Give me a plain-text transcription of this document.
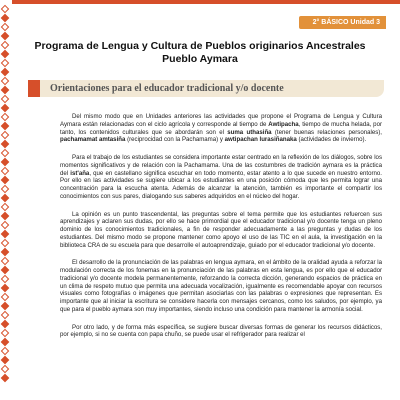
2° BÁSICO Unidad 3
Programa de Lengua y Cultura de Pueblos originarios Ancestrales
Pueblo Aymara
Orientaciones para el educador tradicional y/o docente

Del mismo modo que en Unidades anteriores las actividades que propone el Programa de Lengua y Cultura Aymara están relacionadas con el ciclo agrícola y corresponde al tiempo de Awtipacha, tiempo de mucha helada, por tanto, los contenidos culturales que se abordarán son el suma uthasiña (tener buenas relaciones personales), pachamamat amtasiña (reciprocidad con la Pachamama) y awtipachan lurasiñanaka (actividades de invierno).

Para el trabajo de los estudiantes se considera importante estar centrado en la reflexión de los diálogos, sobre los momentos significativos y de relación con la Pachamama. Una de las costumbres de tradición aymara es la práctica del ist'aña, que en castellano significa escuchar en todo momento, estar atento a lo que sucede en nuestro entorno. Por ello en las actividades se sugiere ubicar a los estudiantes en una posición cómoda que les permita lograr una concentración para la escucha atenta. Además de alcanzar la atención, también es importante el compartir los conocimientos con sus pares, dialogando sus saberes adquiridos en el núcleo del hogar.

La opinión es un punto trascendental, las preguntas sobre el tema permite que los estudiantes refuercen sus aprendizajes y aclaren sus dudas, por ello se hace primordial que el educador tradicional y/o docente tenga un pleno dominio de los conocimientos tradicionales, a fin de responder adecuadamente a las preguntas y dudas de los estudiantes. Del mismo modo se propone mantener como apoyo el uso de las TIC en el aula, la investigación en la biblioteca CRA de su escuela para que desarrolle el autoaprendizaje, guiado por el educador tradicional y/o docente.

El desarrollo de la pronunciación de las palabras en lengua aymara, en el ámbito de la oralidad ayuda a reforzar la modulación correcta de los fonemas en la pronunciación de las palabras en esta lengua, es por ello que el educador tradicional y/o docente modela permanentemente, reforzando la correcta dicción, generando espacios de práctica en un clima de respeto mutuo que permita una adecuada vocalización, igualmente es recomendable apoyar con recursos visuales como fotografías o imágenes que permitan asociarlas con las palabras o expresiones que representan. Es importante que al iniciar la escritura se considere hacerla con mensajes cercanos, como los saludos, por ejemplo, ya que para el pueblo aymara son muy importantes, siendo incluso una condición para mantener la armonía social.

Por otro lado, y de forma más específica, se sugiere buscar diversas formas de generar los recursos didácticos, por ejemplo, si no se cuenta con papa chuño, se puede usar el refrigerador para realizar el
